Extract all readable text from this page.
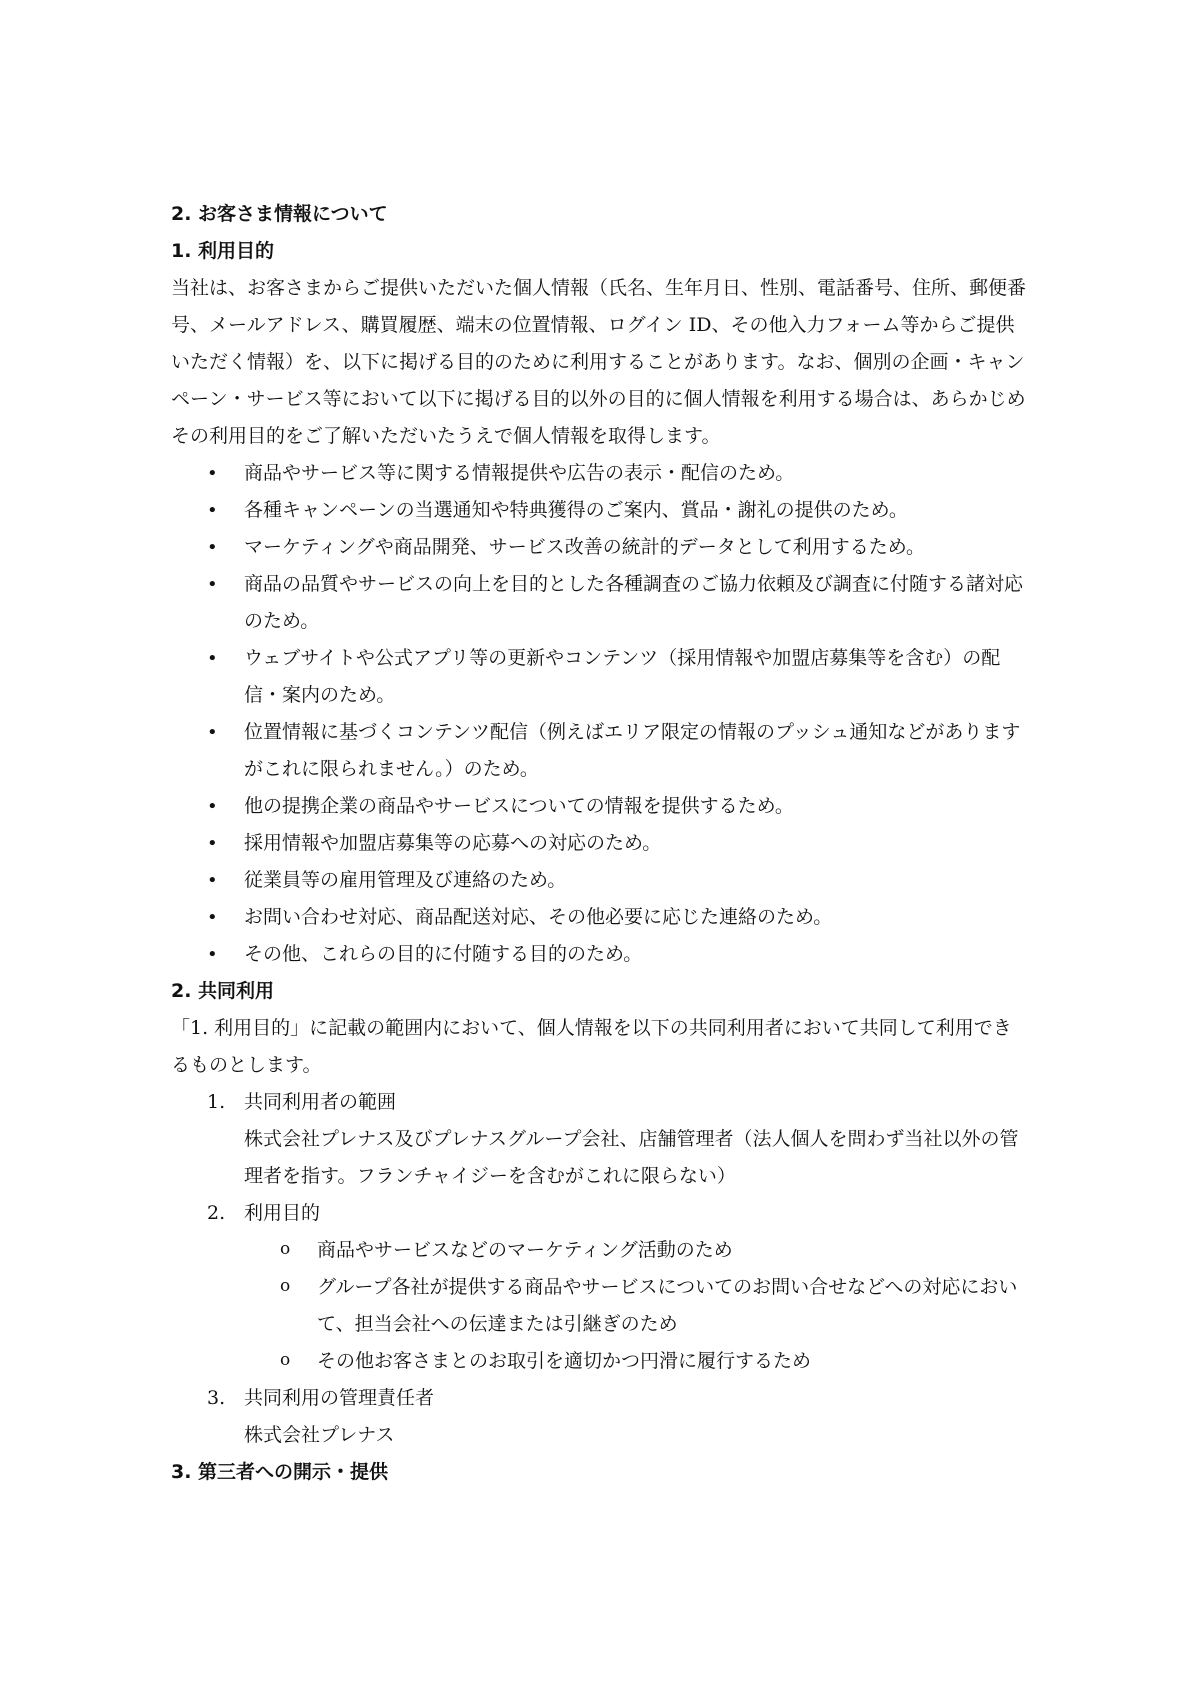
2. お客さま情報について
1. 利用目的

当社は、お客さまからご提供いただいた個人情報（氏名、生年月日、性別、電話番号、住所、郵便番号、メールアドレス、購買履歴、端末の位置情報、ログイン ID、その他入力フォーム等からご提供いただく情報）を、以下に掲げる目的のために利用することがあります。なお、個別の企画・キャンペーン・サービス等において以下に掲げる目的以外の目的に個人情報を利用する場合は、あらかじめその利用目的をご了解いただいたうえで個人情報を取得します。

• 商品やサービス等に関する情報提供や広告の表示・配信のため。
• 各種キャンペーンの当選通知や特典獲得のご案内、賞品・謝礼の提供のため。
• マーケティングや商品開発、サービス改善の統計的データとして利用するため。
• 商品の品質やサービスの向上を目的とした各種調査のご協力依頼及び調査に付随する諸対応のため。
• ウェブサイトや公式アプリ等の更新やコンテンツ（採用情報や加盟店募集等を含む）の配信・案内のため。
• 位置情報に基づくコンテンツ配信（例えばエリア限定の情報のプッシュ通知などがありますがこれに限られません。）のため。
• 他の提携企業の商品やサービスについての情報を提供するため。
• 採用情報や加盟店募集等の応募への対応のため。
• 従業員等の雇用管理及び連絡のため。
• お問い合わせ対応、商品配送対応、その他必要に応じた連絡のため。
• その他、これらの目的に付随する目的のため。
2. 共同利用

「1. 利用目的」に記載の範囲内において、個人情報を以下の共同利用者において共同して利用できるものとします。

1. 共同利用者の範囲
株式会社プレナス及びプレナスグループ会社、店舗管理者（法人個人を問わず当社以外の管理者を指す。フランチャイジーを含むがこれに限らない）
2. 利用目的
o 商品やサービスなどのマーケティング活動のため
o グループ各社が提供する商品やサービスについてのお問い合せなどへの対応において、担当会社への伝達または引継ぎのため
o その他お客さまとのお取引を適切かつ円滑に履行するため
3. 共同利用の管理責任者
株式会社プレナス
3. 第三者への開示・提供
